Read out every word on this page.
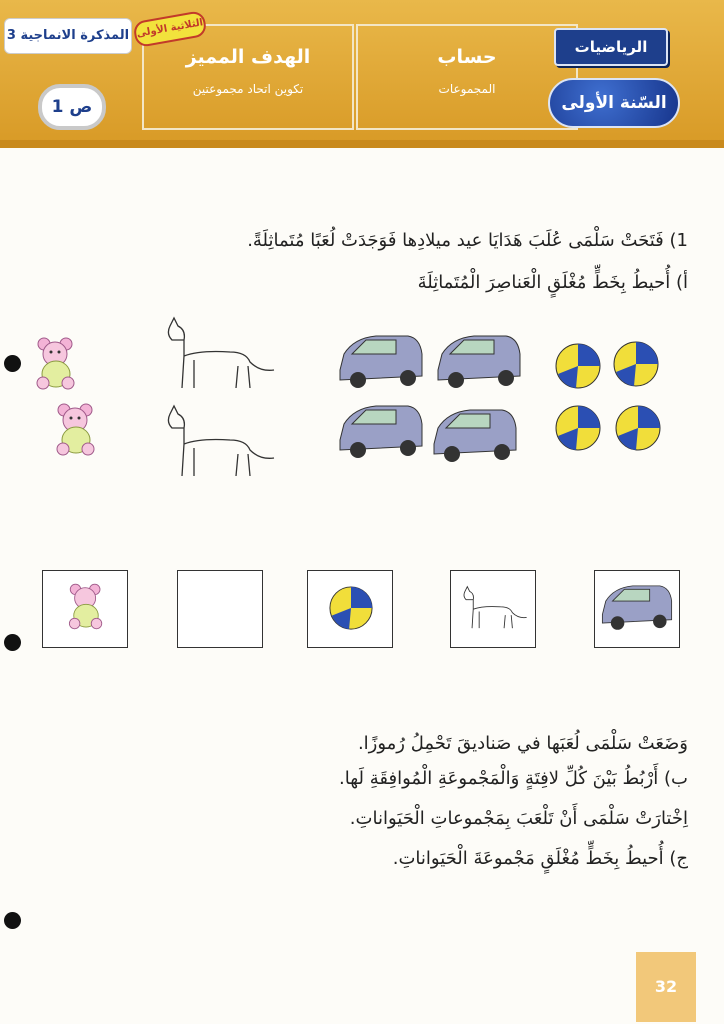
الهدف المميز
تكوين اتحاد مجموعتين
حساب
المجموعات
الرياضيات
السّنة الأولى
المذكرة الانماجية 3 الثلاثية الأولى
ص 1
1) فَتَحَتْ سَلْمَى عُلَبَ هَدَايَا عيد ميلادِها فَوَجَدَتْ لُعَبًا مُتَماثِلَةً.
أ) أُحيطُ بِخَطٍّ مُغْلَقٍ الْعَناصِرَ الْمُتَماثِلَةَ
وَضَعَتْ سَلْمَى لُعَبَها في صَناديقَ تَحْمِلُ رُموزًا.
ب) أَرْبُطُ بَيْنَ كُلِّ لافِتَةٍ وَالْمَجْموعَةِ الْمُوافِقَةِ لَها.
اِخْتارَتْ سَلْمَى أَنْ تَلْعَبَ بِمَجْموعاتِ الْحَيَواناتِ.
ج) أُحيطُ بِخَطٍّ مُغْلَقٍ مَجْموعَةَ الْحَيَواناتِ.
32
